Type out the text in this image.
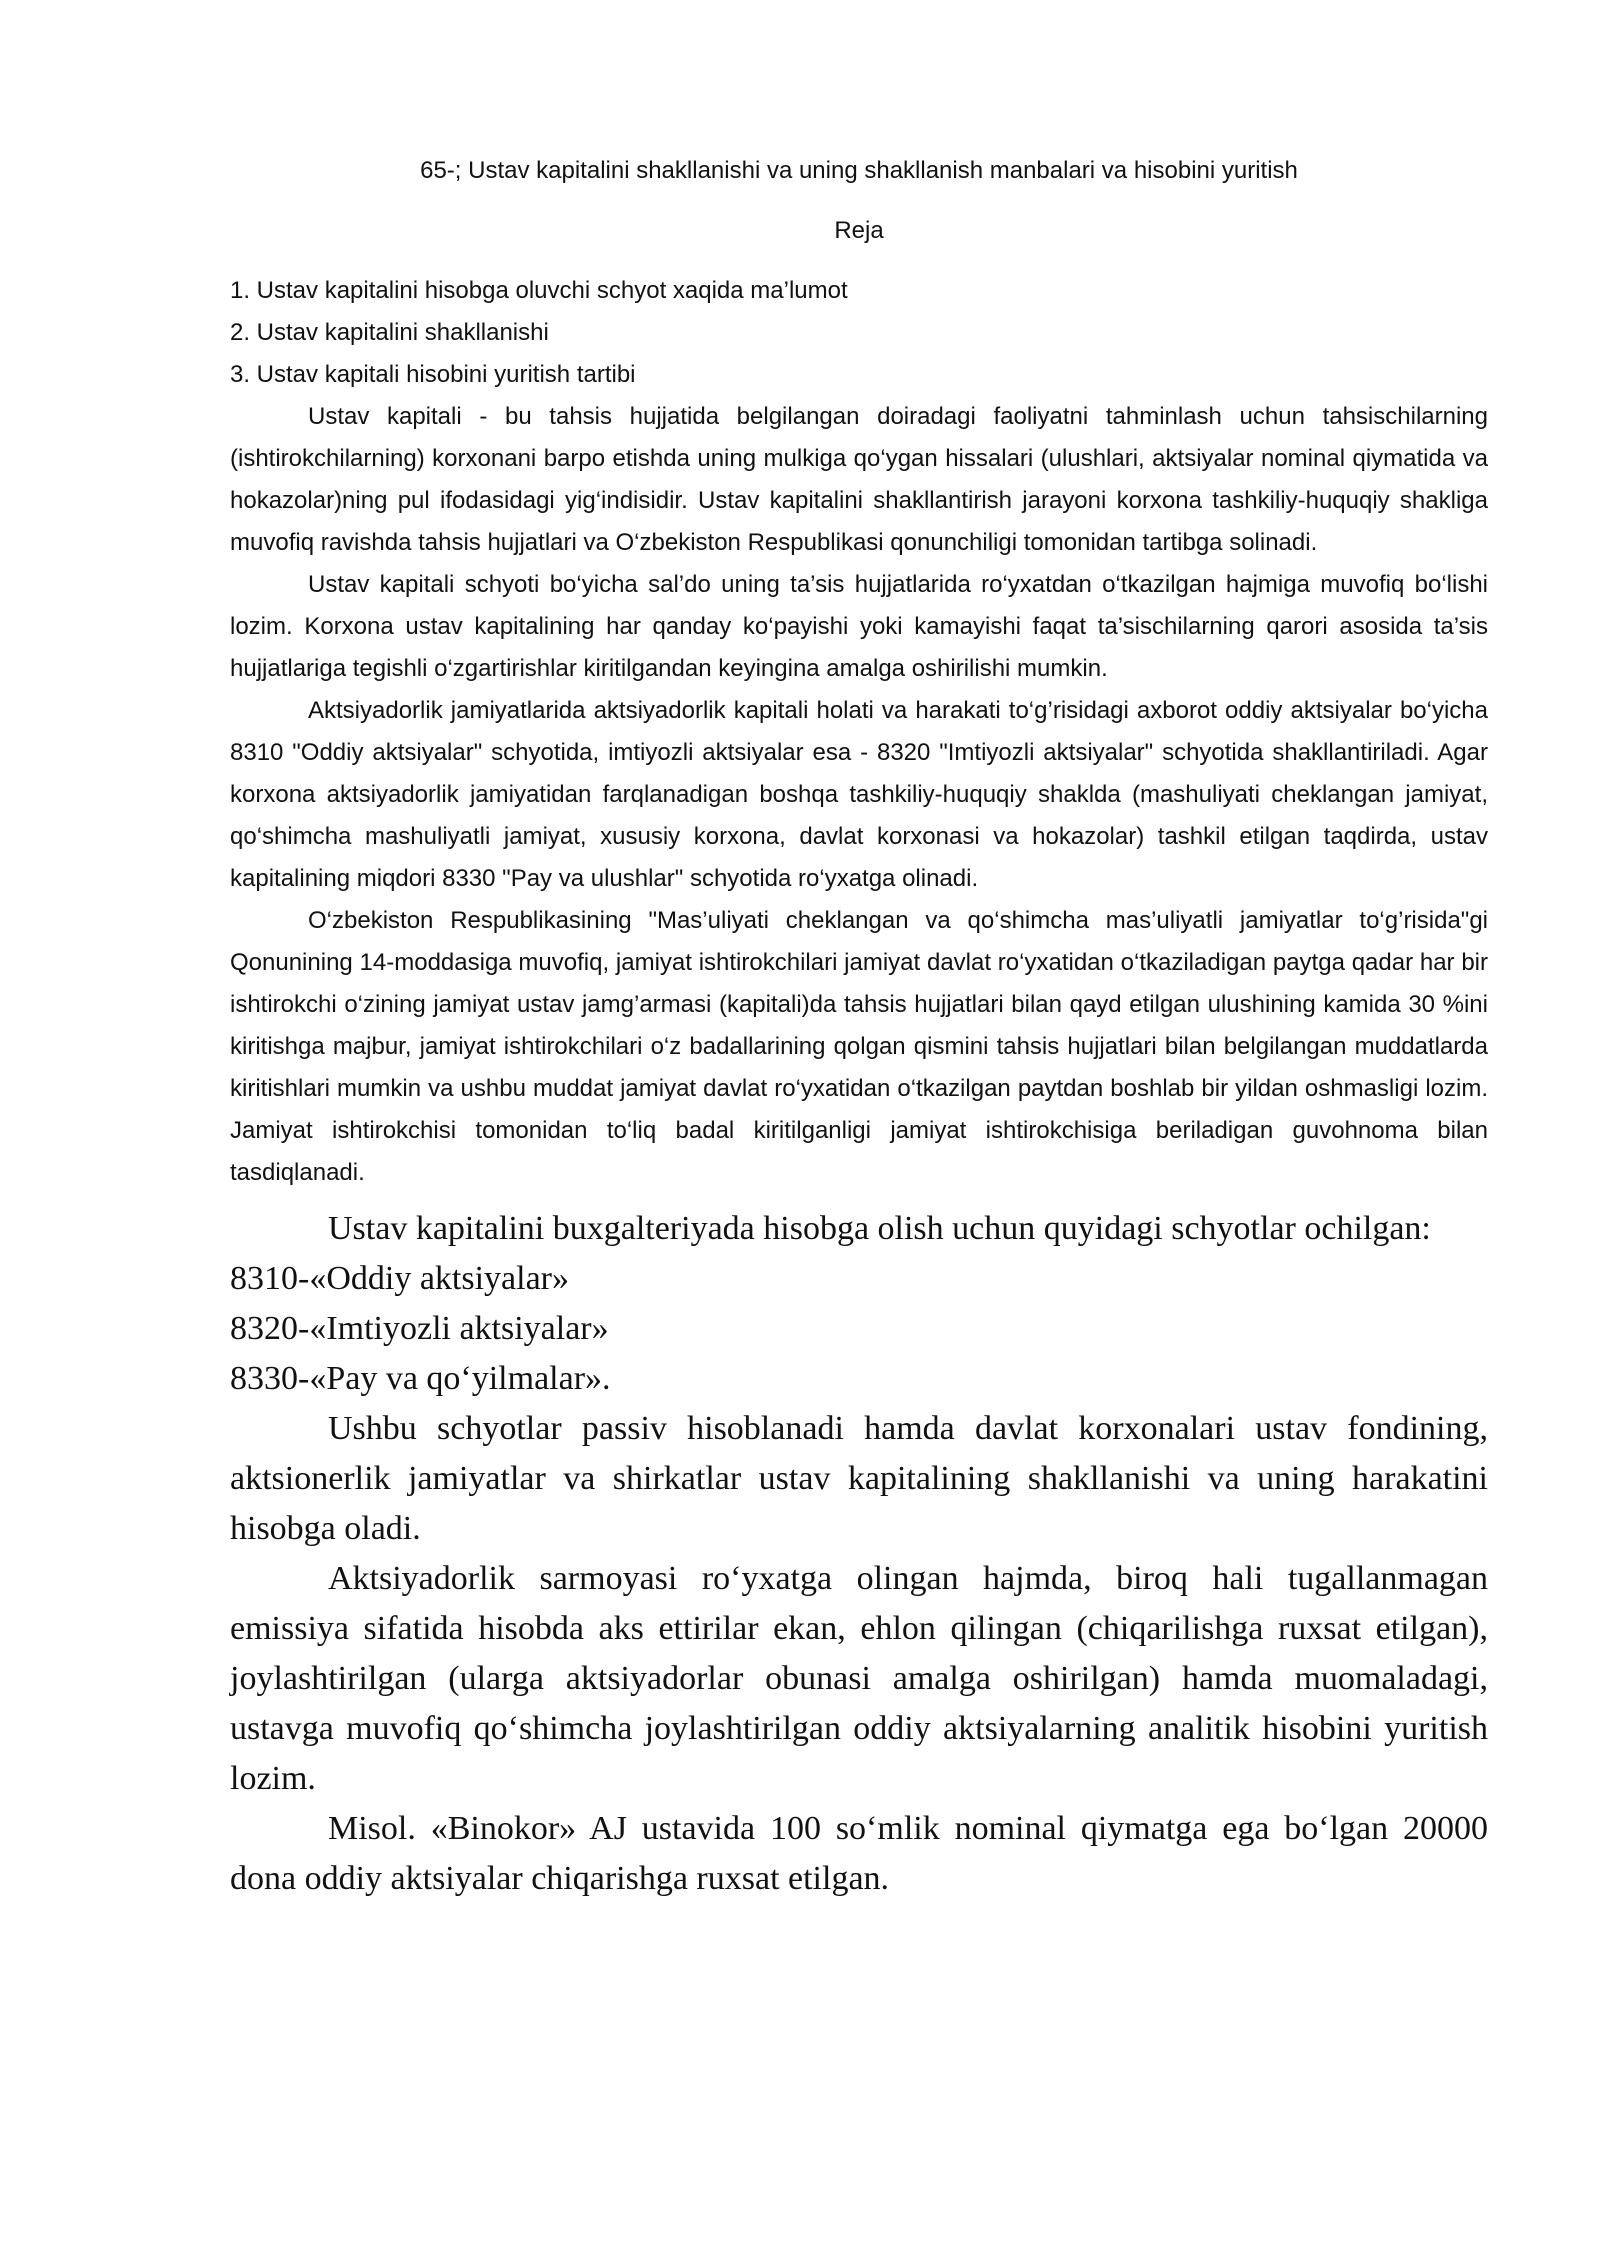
65-; Ustav kapitalini shakllanishi va uning shakllanish manbalari va hisobini yuritish

Reja

1. Ustav kapitalini hisobga oluvchi schyot xaqida ma’lumot
2. Ustav kapitalini shakllanishi
3. Ustav kapitali hisobini yuritish tartibi

Ustav kapitali - bu tahsis hujjatida belgilangan doiradagi faoliyatni tahminlash uchun tahsischilarning (ishtirokchilarning) korxonani barpo etishda uning mulkiga qo‘ygan hissalari (ulushlari, aktsiyalar nominal qiymatida va hokazolar)ning pul ifodasidagi yig‘indisidir. Ustav kapitalini shakllantirish jarayoni korxona tashkiliy-huquqiy shakliga muvofiq ravishda tahsis hujjatlari va O‘zbekiston Respublikasi qonunchiligi tomonidan tartibga solinadi.

Ustav kapitali schyoti bo‘yicha sal’do uning ta’sis hujjatlarida ro‘yxatdan o‘tkazilgan hajmiga muvofiq bo‘lishi lozim. Korxona ustav kapitalining har qanday ko‘payishi yoki kamayishi faqat ta’sischilarning qarori asosida ta’sis hujjatlariga tegishli o‘zgartirishlar kiritilgandan keyingina amalga oshirilishi mumkin.

Aktsiyadorlik jamiyatlarida aktsiyadorlik kapitali holati va harakati to‘g’risidagi axborot oddiy aktsiyalar bo‘yicha 8310 "Oddiy aktsiyalar" schyotida, imtiyozli aktsiyalar esa - 8320 "Imtiyozli aktsiyalar" schyotida shakllantiriladi. Agar korxona aktsiyadorlik jamiyatidan farqlanadigan boshqa tashkiliy-huquqiy shaklda (mashuliyati cheklangan jamiyat, qo‘shimcha mashuliyatli jamiyat, xususiy korxona, davlat korxonasi va hokazolar) tashkil etilgan taqdirda, ustav kapitalining miqdori 8330 "Pay va ulushlar" schyotida ro‘yxatga olinadi.

O‘zbekiston Respublikasining "Mas’uliyati cheklangan va qo‘shimcha mas’uliyatli jamiyatlar to‘g’risida"gi Qonunining 14-moddasiga muvofiq, jamiyat ishtirokchilari jamiyat davlat ro‘yxatidan o‘tkaziladigan paytga qadar har bir ishtirokchi o‘zining jamiyat ustav jamg’armasi (kapitali)da tahsis hujjatlari bilan qayd etilgan ulushining kamida 30 %ini kiritishga majbur, jamiyat ishtirokchilari o‘z badallarining qolgan qismini tahsis hujjatlari bilan belgilangan muddatlarda kiritishlari mumkin va ushbu muddat jamiyat davlat ro‘yxatidan o‘tkazilgan paytdan boshlab bir yildan oshmasligi lozim. Jamiyat ishtirokchisi tomonidan to‘liq badal kiritilganligi jamiyat ishtirokchisiga beriladigan guvohnoma bilan tasdiqlanadi.

Ustav kapitalini buxgalteriyada hisobga olish uchun quyidagi schyotlar ochilgan:

8310-«Oddiy aktsiyalar»

8320-«Imtiyozli aktsiyalar»

8330-«Pay va qo‘yilmalar».

Ushbu schyotlar passiv hisoblanadi hamda davlat korxonalari ustav fondining, aktsionerlik jamiyatlar va shirkatlar ustav kapitalining shakllanishi va uning harakatini hisobga oladi.

Aktsiyadorlik sarmoyasi ro‘yxatga olingan hajmda, biroq hali tugallanmagan emissiya sifatida hisobda aks ettirilar ekan, ehlon qilingan (chiqarilishga ruxsat etilgan), joylashtirilgan (ularga aktsiyadorlar obunasi amalga oshirilgan) hamda muomaladagi, ustavga muvofiq qo‘shimcha joylashtirilgan oddiy aktsiyalarning analitik hisobini yuritish lozim.

Misol. «Binokor» AJ ustavida 100 so‘mlik nominal qiymatga ega bo‘lgan 20000 dona oddiy aktsiyalar chiqarishga ruxsat etilgan.
